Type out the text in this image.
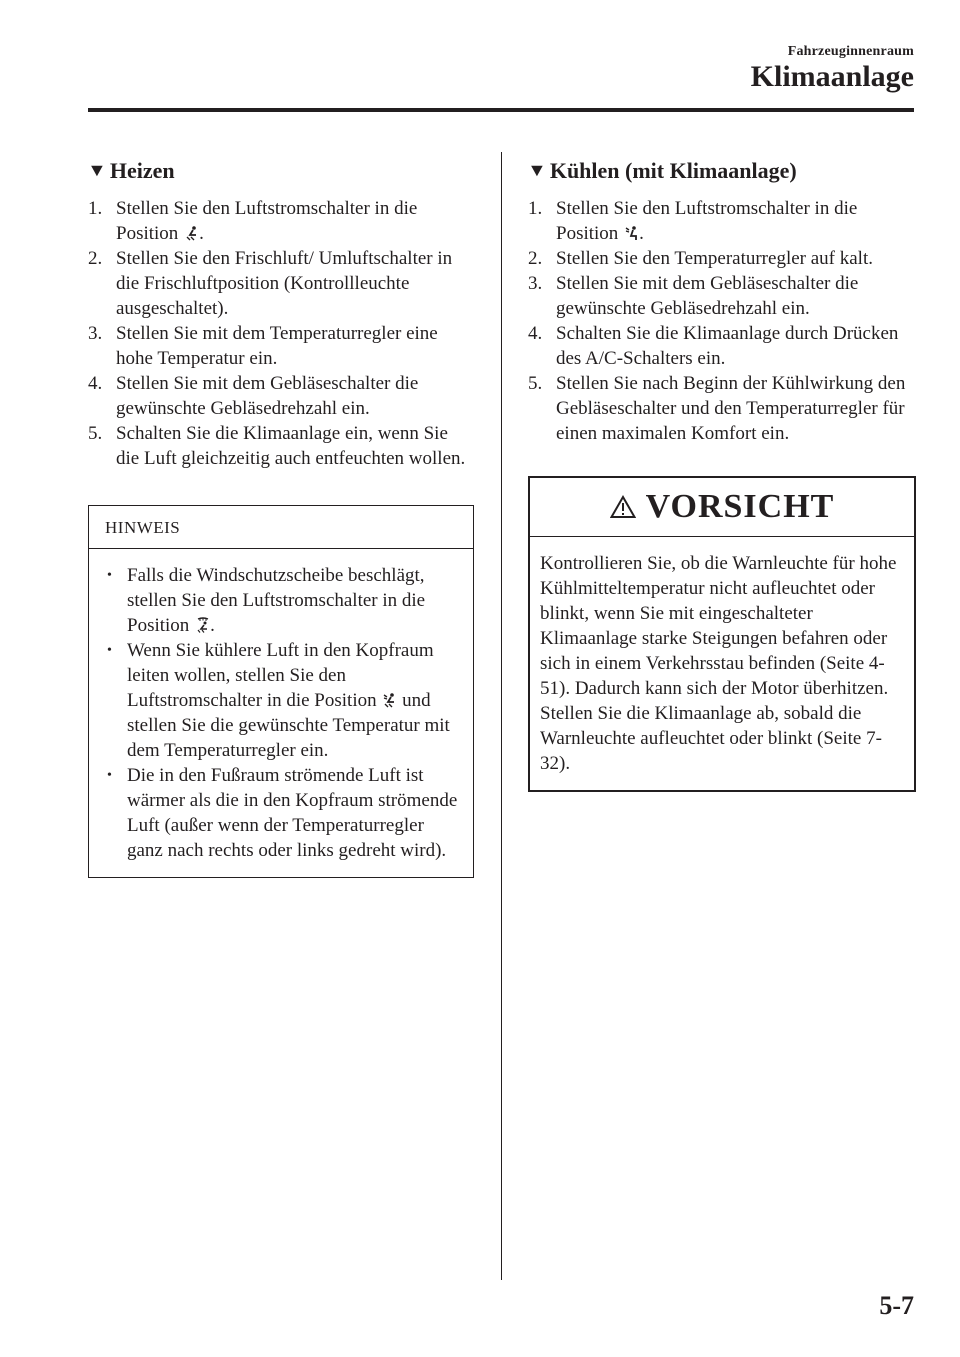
Fahrzeuginnenraum
Klimaanlage
▼ Heizen
1. Stellen Sie den Luftstromschalter in die Position
.
2. Stellen Sie den Frischluft/ Umluftschalter in die Frischluftposition (Kontrollleuchte ausgeschaltet).
3. Stellen Sie mit dem Temperaturregler eine hohe Temperatur ein.
4. Stellen Sie mit dem Gebläseschalter die gewünschte Gebläsedrehzahl ein.
5. Schalten Sie die Klimaanlage ein, wenn Sie die Luft gleichzeitig auch entfeuchten wollen.
HINWEIS
• Falls die Windschutzscheibe beschlägt, stellen Sie den Luftstromschalter in die Position
.
• Wenn Sie kühlere Luft in den Kopfraum leiten wollen, stellen Sie den Luftstromschalter in die Position
und stellen Sie die gewünschte Temperatur mit dem Temperaturregler ein.
• Die in den Fußraum strömende Luft ist wärmer als die in den Kopfraum strömende Luft (außer wenn der Temperaturregler ganz nach rechts oder links gedreht wird).
▼ Kühlen (mit Klimaanlage)
1. Stellen Sie den Luftstromschalter in die Position
.
2. Stellen Sie den Temperaturregler auf kalt.
3. Stellen Sie mit dem Gebläseschalter die gewünschte Gebläsedrehzahl ein.
4. Schalten Sie die Klimaanlage durch Drücken des A/C-Schalters ein.
5. Stellen Sie nach Beginn der Kühlwirkung den Gebläseschalter und den Temperaturregler für einen maximalen Komfort ein.
VORSICHT
Kontrollieren Sie, ob die Warnleuchte für hohe Kühlmitteltemperatur nicht aufleuchtet oder blinkt, wenn Sie mit eingeschalteter Klimaanlage starke Steigungen befahren oder sich in einem Verkehrsstau befinden (Seite 4-51). Dadurch kann sich der Motor überhitzen. Stellen Sie die Klimaanlage ab, sobald die Warnleuchte aufleuchtet oder blinkt (Seite 7-32).
5-7
